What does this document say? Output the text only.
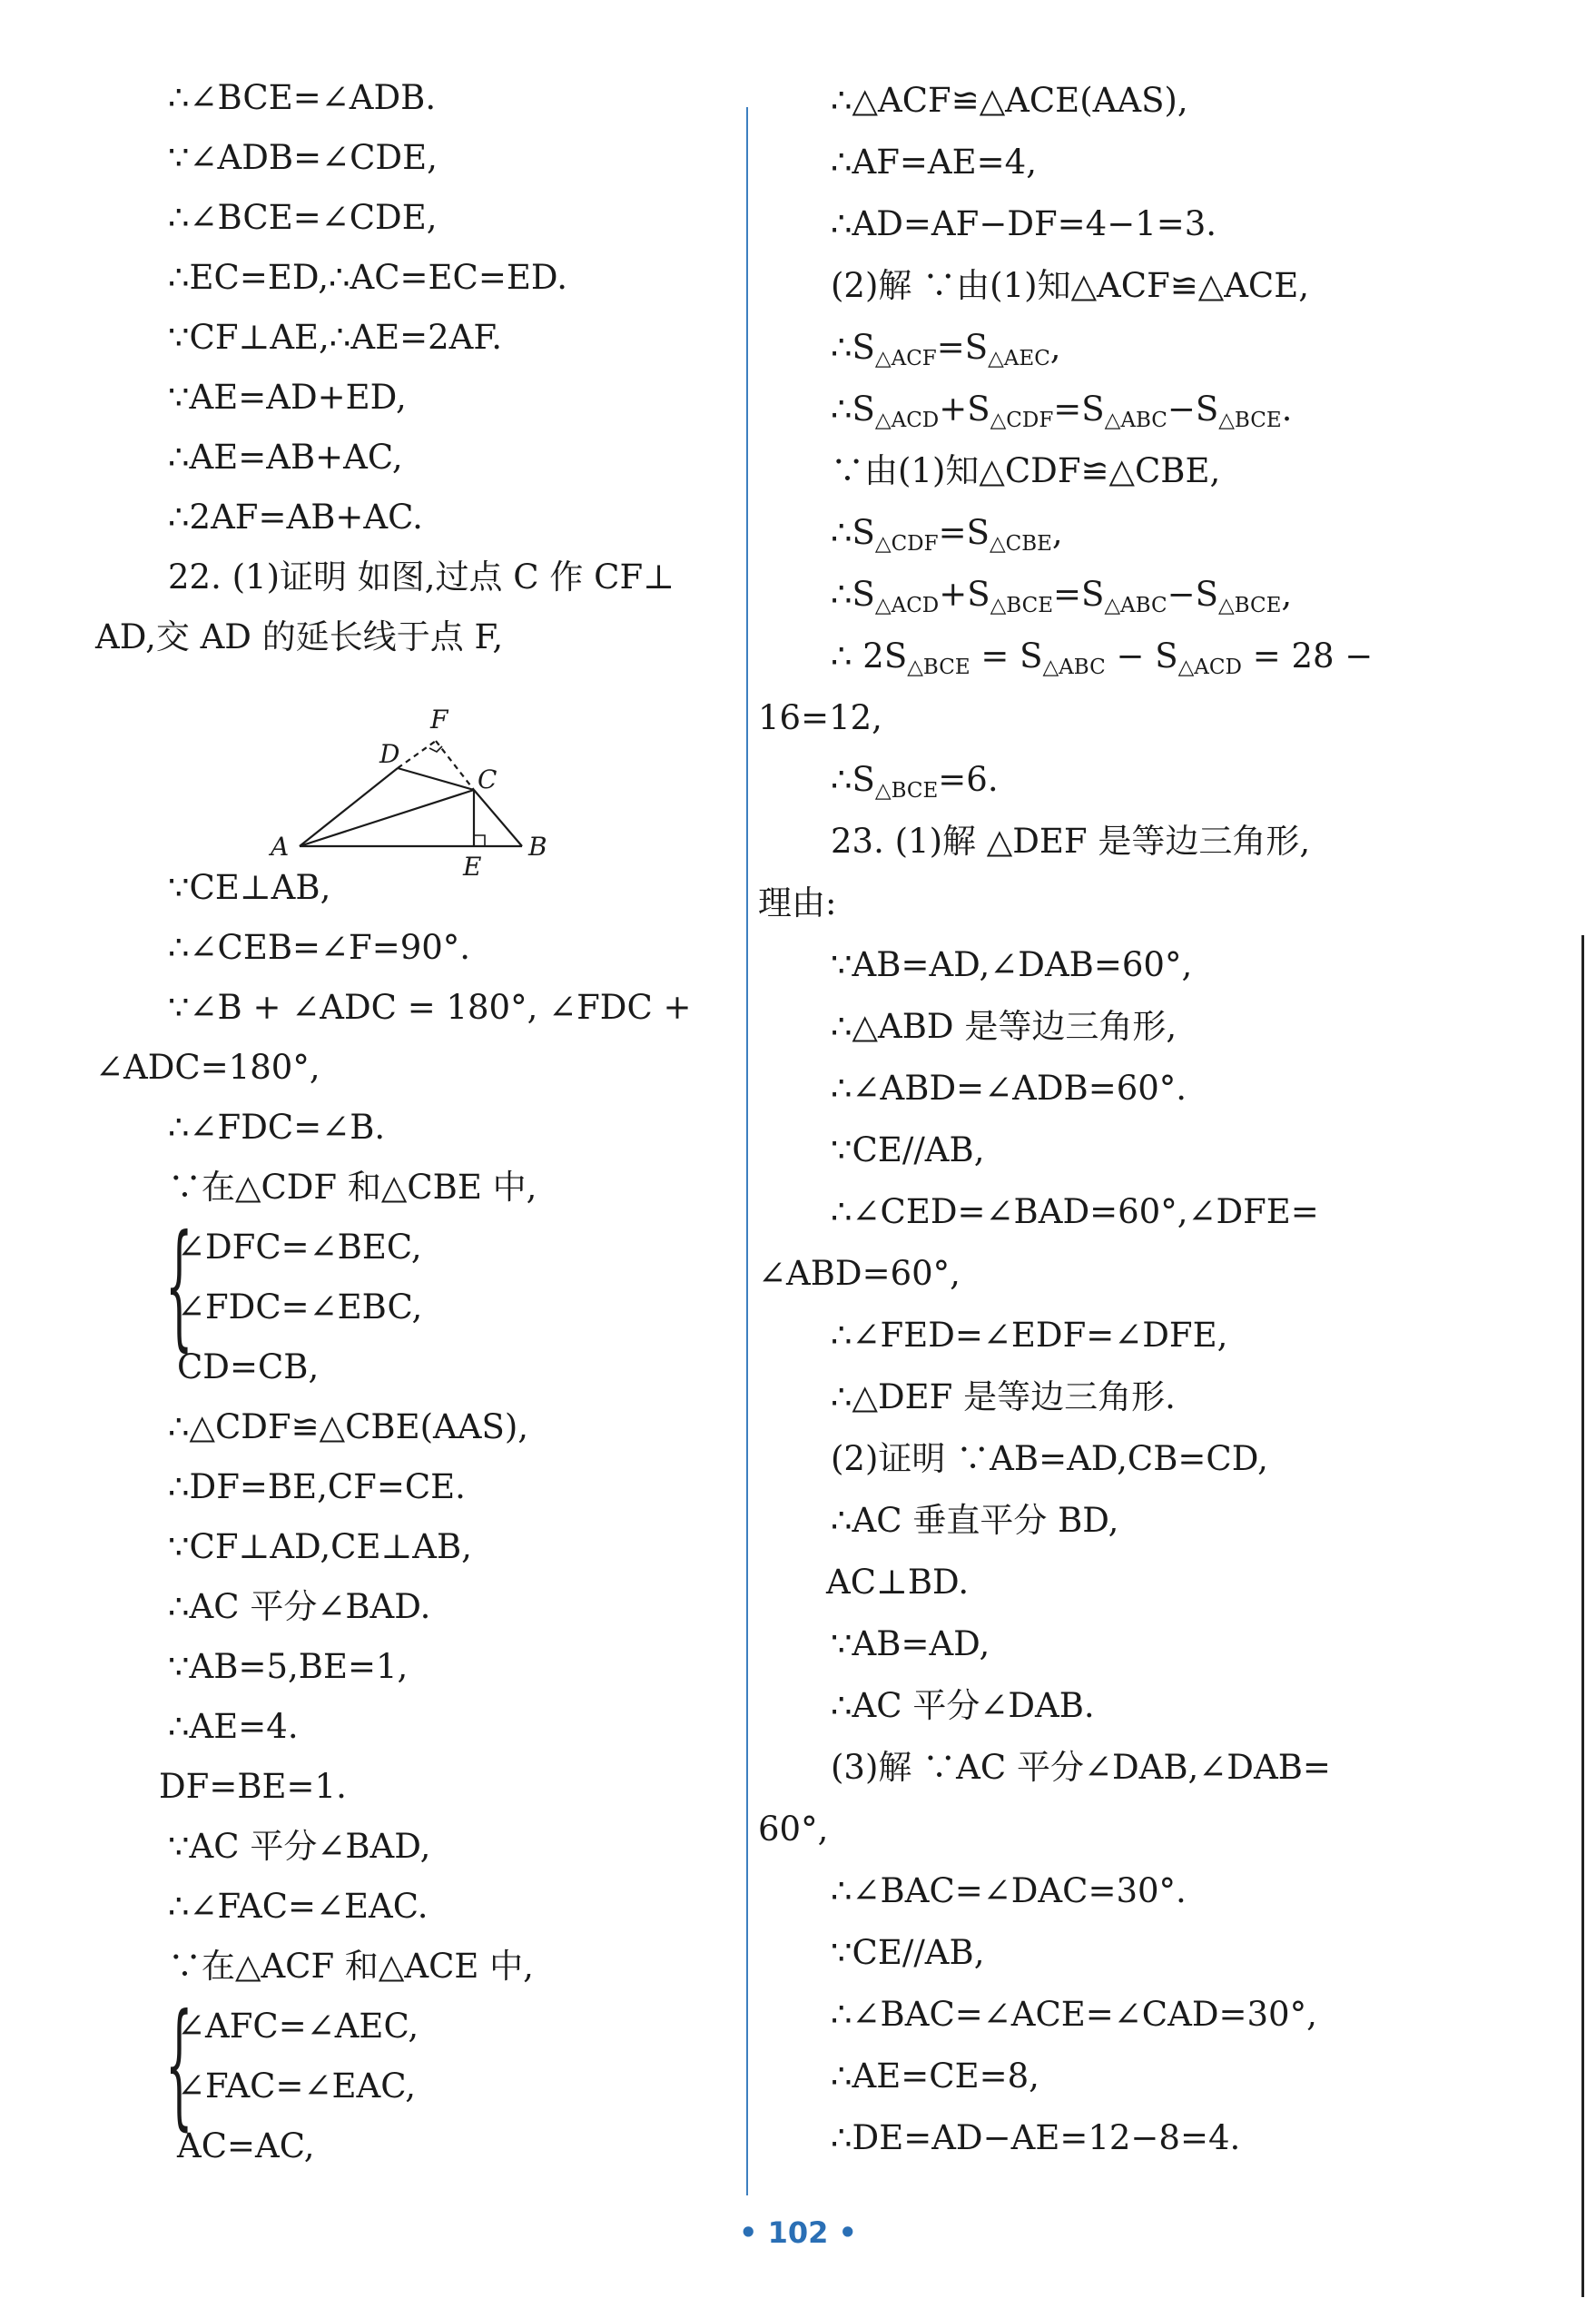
∴∠BCE=∠ADB.
∵∠ADB=∠CDE,
∴∠BCE=∠CDE,
∴EC=ED,∴AC=EC=ED.
∵CF⊥AE,∴AE=2AF.
∵AE=AD+ED,
∴AE=AB+AC,
∴2AF=AB+AC.
22. (1)证明 如图,过点 C 作 CF⊥
AD,交 AD 的延长线于点 F,
∵CE⊥AB,
∴∠CEB=∠F=90°.
∵∠B + ∠ADC = 180°, ∠FDC +
∠ADC=180°,
∴∠FDC=∠B.
∵在△CDF 和△CBE 中,
∠DFC=∠BEC,
∠FDC=∠EBC,
CD=CB,
∴△CDF≌△CBE(AAS),
∴DF=BE,CF=CE.
∵CF⊥AD,CE⊥AB,
∴AC 平分∠BAD.
∵AB=5,BE=1,
∴AE=4.
DF=BE=1.
∵AC 平分∠BAD,
∴∠FAC=∠EAC.
∵在△ACF 和△ACE 中,
∠AFC=∠AEC,
∠FAC=∠EAC,
AC=AC,
{
{
∴△ACF≌△ACE(AAS),
∴AF=AE=4,
∴AD=AF−DF=4−1=3.
(2)解 ∵由(1)知△ACF≌△ACE,
∴S△ACF=S△AEC,
∴S△ACD+S△CDF=S△ABC−S△BCE.
∵由(1)知△CDF≌△CBE,
∴S△CDF=S△CBE,
∴S△ACD+S△BCE=S△ABC−S△BCE,
∴ 2S△BCE = S△ABC − S△ACD = 28 −
16=12,
∴S△BCE=6.
23. (1)解 △DEF 是等边三角形,
理由:
∵AB=AD,∠DAB=60°,
∴△ABD 是等边三角形,
∴∠ABD=∠ADB=60°.
∵CE//AB,
∴∠CED=∠BAD=60°,∠DFE=
∠ABD=60°,
∴∠FED=∠EDF=∠DFE,
∴△DEF 是等边三角形.
(2)证明 ∵AB=AD,CB=CD,
∴AC 垂直平分 BD,
AC⊥BD.
∵AB=AD,
∴AC 平分∠DAB.
(3)解 ∵AC 平分∠DAB,∠DAB=
60°,
∴∠BAC=∠DAC=30°.
∵CE//AB,
∴∠BAC=∠ACE=∠CAD=30°,
∴AE=CE=8,
∴DE=AD−AE=12−8=4.
F
D
C
A
E
B
• 102 •
